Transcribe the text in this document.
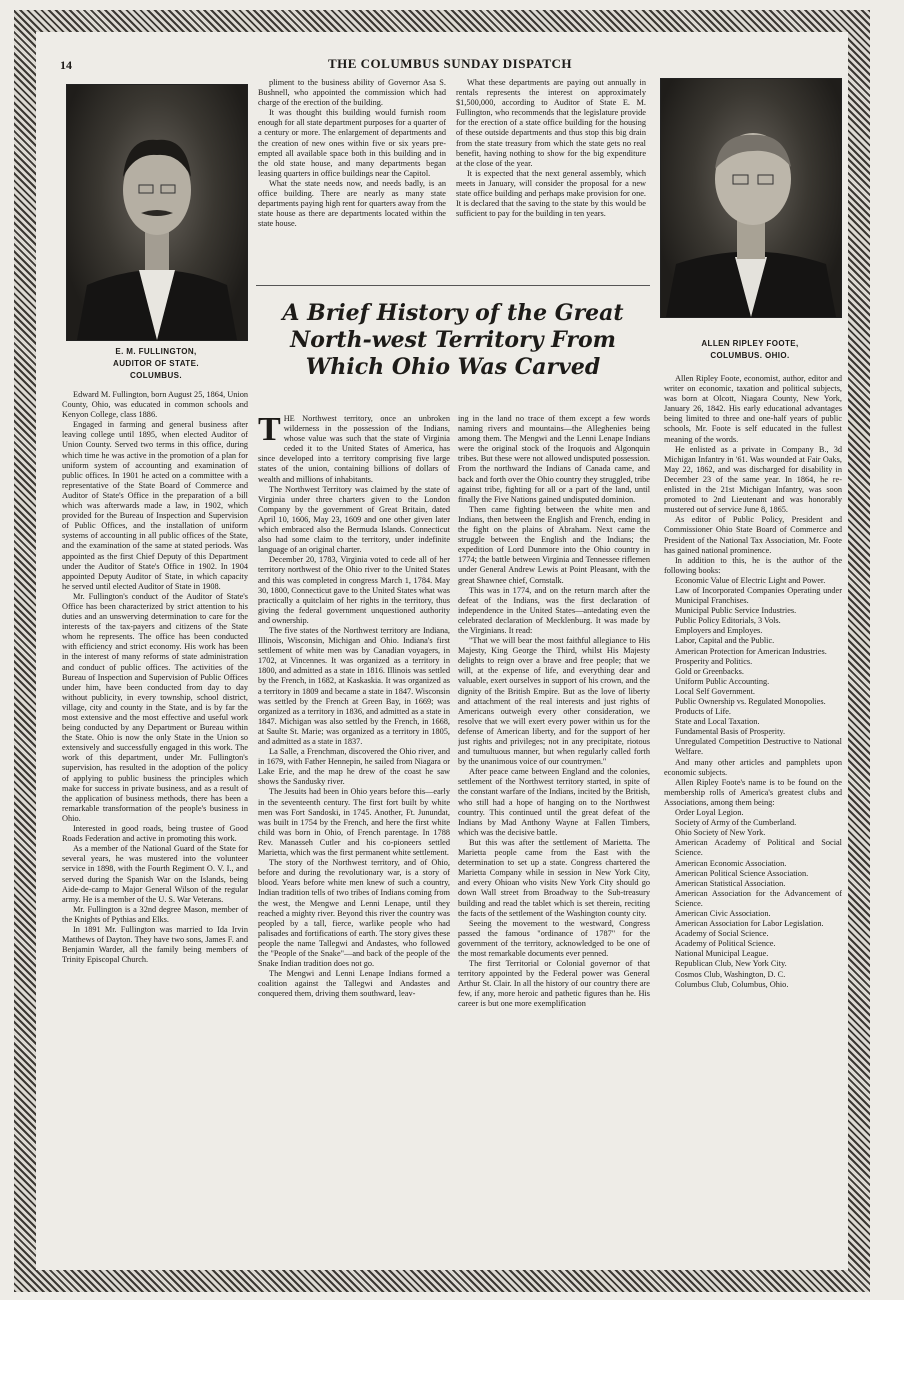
14	THE COLUMBUS SUNDAY DISPATCH
E. M. FULLINGTON,
AUDITOR OF STATE.
COLUMBUS.
ALLEN RIPLEY FOOTE,
COLUMBUS. OHIO.

pliment to the business ability of Governor Asa S. Bushnell, who appointed the commission which had charge of the erection of the building.

It was thought this building would furnish room enough for all state department purposes for a quarter of a century or more. The enlargement of departments and the creation of new ones within five or six years pre-empted all available space both in this building and in the old state house, and many departments began leasing quarters in office buildings near the Capitol.

What the state needs now, and needs badly, is an office building. There are nearly as many state departments paying high rent for quarters away from the state house as there are departments located within the state house.

What these departments are paying out annually in rentals represents the interest on approximately $1,500,000, according to Auditor of State E. M. Fullington, who recommends that the legislature provide for the erection of a state office building for the housing of these outside departments and thus stop this big drain from the state treasury from which the state gets no real benefit, having nothing to show for the big expenditure at the close of the year.

It is expected that the next general assembly, which meets in January, will consider the proposal for a new state office building and perhaps make provision for one. It is declared that the saving to the state by this would be sufficient to pay for the building in ten years.

A Brief History of the Great North-west Territory From Which Ohio Was Carved

Edward M. Fullington, born August 25, 1864, Union County, Ohio, was educated in common schools and Kenyon College, class 1886.

Engaged in farming and general business after leaving college until 1895, when elected Auditor of Union County. Served two terms in this office, during which time he was active in the promotion of a plan for uniform system of accounting and examination of public offices. In 1901 he acted on a committee with a representative of the State Board of Commerce and Auditor of State's Office in the preparation of a bill which was afterwards made a law, in 1902, which provided for the Bureau of Inspection and Supervision of Public Offices, and the installation of uniform systems of accounting in all public offices of the State, and the examination of the same at stated periods. Was appointed as the first Chief Deputy of this Department under the Auditor of State's Office in 1902. In 1904 appointed Deputy Auditor of State, in which capacity he served until elected Auditor of State in 1908.

Mr. Fullington's conduct of the Auditor of State's Office has been characterized by strict attention to his duties and an unswerving determination to care for the interests of the tax-payers and citizens of the State whom he represents. The office has been conducted with efficiency and strict economy. His work has been in the interest of many reforms of state administration and conduct of public offices. The activities of the Bureau of Inspection and Supervision of Public Offices under him, have been conducted from day to day without publicity, in every township, school district, village, city and county in the State, and is by far the most extensive and the most effective and useful work being conducted by any Department or Bureau within the State. Ohio is now the only State in the Union so extensively and successfully engaged in this work. The work of this department, under Mr. Fullington's supervision, has resulted in the adoption of the policy of applying to public business the principles which make for success in private business, and as a result of the application of business methods, there has been a remarkable transformation of the people's business in Ohio.

Interested in good roads, being trustee of Good Roads Federation and active in promoting this work.

As a member of the National Guard of the State for several years, he was mustered into the volunteer service in 1898, with the Fourth Regiment O. V. I., and served during the Spanish War on the Islands, being Aide-de-camp to Major General Wilson of the regular army. He is a member of the U. S. War Veterans.

Mr. Fullington is a 32nd degree Mason, member of the Knights of Pythias and Elks.

In 1891 Mr. Fullington was married to Ida Irvin Matthews of Dayton. They have two sons, James F. and Benjamin Warder, all the family being members of Trinity Episcopal Church.

THE Northwest territory, once an unbroken wilderness in the possession of the Indians, whose value was such that the state of Virginia ceded it to the United States of America, has since developed into a territory comprising five large states of the union, containing billions of dollars of wealth and millions of inhabitants.

The Northwest Territory was claimed by the state of Virginia under three charters given to the London Company by the government of Great Britain, dated April 10, 1606, May 23, 1609 and one other given later which embraced also the Bermuda Islands. Connecticut also had some claim to the territory, under indefinite language of an original charter.

December 20, 1783, Virginia voted to cede all of her territory northwest of the Ohio river to the United States and this was completed in congress March 1, 1784. May 30, 1800, Connecticut gave to the United States what was practically a quitclaim of her rights in the territory, thus giving the federal government unquestioned authority and ownership.

The five states of the Northwest territory are Indiana, Illinois, Wisconsin, Michigan and Ohio. Indiana's first settlement of white men was by Canadian voyagers, in 1702, at Vincennes. It was organized as a territory in 1800, and admitted as a state in 1816. Illinois was settled by the French, in 1682, at Kaskaskia. It was organized as a territory in 1809 and became a state in 1847. Wisconsin was settled by the French at Green Bay, in 1669; was organized as a territory in 1836, and admitted as a state in 1847. Michigan was also settled by the French, in 1668, at Saulte St. Marie; was organized as a territory in 1805, and admitted as a state in 1837.

La Salle, a Frenchman, discovered the Ohio river, and in 1679, with Father Hennepin, he sailed from Niagara or Lake Erie, and the map he drew of the coast he saw shows the Sandusky river.

The Jesuits had been in Ohio years before this—early in the seventeenth century. The first fort built by white men was Fort Sandoski, in 1745. Another, Ft. Junundat, was built in 1754 by the French, and here the first white child was born in Ohio, of French parentage. In 1788 Rev. Manasseh Cutler and his co-pioneers settled Marietta, which was the first permanent white settlement.

The story of the Northwest territory, and of Ohio, before and during the revolutionary war, is a story of blood. Years before white men knew of such a country, Indian tradition tells of two tribes of Indians coming from the west, the Mengwe and Lenni Lenape, until they reached a mighty river. Beyond this river the country was peopled by a tall, fierce, warlike people who had palisades and fortifications of earth. The story gives these people the name Tallegwi and Andastes, who followed the "People of the Snake"—and back of the people of the Snake Indian tradition does not go.

The Mengwi and Lenni Lenape Indians formed a coalition against the Tallegwi and Andastes and conquered them, driving them southward, leav-

ing in the land no trace of them except a few words naming rivers and mountains—the Alleghenies being among them. The Mengwi and the Lenni Lenape Indians were the original stock of the Iroquois and Algonquin tribes. But these were not allowed undisputed possession. From the northward the Indians of Canada came, and back and forth over the Ohio country they struggled, tribe against tribe, fighting for all or a part of the land, until finally the Five Nations gained undisputed dominion.

Then came fighting between the white men and Indians, then between the English and French, ending in the fight on the plains of Abraham. Next came the struggle between the English and the Indians; the expedition of Lord Dunmore into the Ohio country in 1774; the battle between Virginia and Tennessee riflemen under General Andrew Lewis at Point Pleasant, with the great Shawnee chief, Cornstalk.

This was in 1774, and on the return march after the defeat of the Indians, was the first declaration of independence in the United States—antedating even the celebrated declaration of Mecklenburg. It was made by the Virginians. It read:

"That we will bear the most faithful allegiance to His Majesty, King George the Third, whilst His Majesty delights to reign over a brave and free people; that we will, at the expense of life, and everything dear and valuable, exert ourselves in support of his crown, and the dignity of the British Empire. But as the love of liberty and attachment of the real interests and just rights of Americans outweigh every other consideration, we resolve that we will exert every power within us for the defense of American liberty, and for the support of her just rights and privileges; not in any precipitate, riotous and tumultuous manner, but when regularly called forth by the unanimous voice of our countrymen."

After peace came between England and the colonies, settlement of the Northwest territory started, in spite of the constant warfare of the Indians, incited by the British, who still had a hope of hanging on to the Northwest country. This continued until the great defeat of the Indians by Mad Anthony Wayne at Fallen Timbers, which was the decisive battle.

But this was after the settlement of Marietta. The Marietta people came from the East with the determination to set up a state. Congress chartered the Marietta Company while in session in New York City, and every Ohioan who visits New York City should go down Wall street from Broadway to the Sub-treasury building and read the tablet which is set therein, reciting the facts of the settlement of the Washington county city.

Seeing the movement to the westward, Congress passed the famous "ordinance of 1787" for the government of the territory, acknowledged to be one of the most remarkable documents ever penned.

The first Territorial or Colonial governor of that territory appointed by the Federal power was General Arthur St. Clair. In all the history of our country there are few, if any, more heroic and pathetic figures than he. His career is but one more exemplification

Allen Ripley Foote, economist, author, editor and writer on economic, taxation and political subjects, was born at Olcott, Niagara County, New York, January 26, 1842. His early educational advantages being limited to three and one-half years of public schools, Mr. Foote is self educated in the fullest meaning of the words.

He enlisted as a private in Company B., 3d Michigan Infantry in '61. Was wounded at Fair Oaks, May 22, 1862, and was discharged for disability in December 23 of the same year. In 1864, he re-enlisted in the 21st Michigan Infantry, was soon promoted to 2nd Lieutenant and was honorably mustered out of service June 8, 1865.

As editor of Public Policy, President and Commissioner Ohio State Board of Commerce and President of the National Tax Association, Mr. Foote has gained national prominence.

In addition to this, he is the author of the following books:

Economic Value of Electric Light and Power.

Law of Incorporated Companies Operating under Municipal Franchises.

Municipal Public Service Industries.

Public Policy Editorials, 3 Vols.

Employers and Employes.

Labor, Capital and the Public.

American Protection for American Industries.

Prosperity and Politics.

Gold or Greenbacks.

Uniform Public Accounting.

Local Self Government.

Public Ownership vs. Regulated Monopolies.

Products of Life.

State and Local Taxation.

Fundamental Basis of Prosperity.

Unregulated Competition Destructive to National Welfare.

And many other articles and pamphlets upon economic subjects.

Allen Ripley Foote's name is to be found on the membership rolls of America's greatest clubs and Associations, among them being:

Order Loyal Legion.

Society of Army of the Cumberland.

Ohio Society of New York.

American Academy of Political and Social Science.

American Economic Association.

American Political Science Association.

American Statistical Association.

American Association for the Advancement of Science.

American Civic Association.

American Association for Labor Legislation.

Academy of Social Science.

Academy of Political Science.

National Municipal League.

Republican Club, New York City.

Cosmos Club, Washington, D. C.

Columbus Club, Columbus, Ohio.
